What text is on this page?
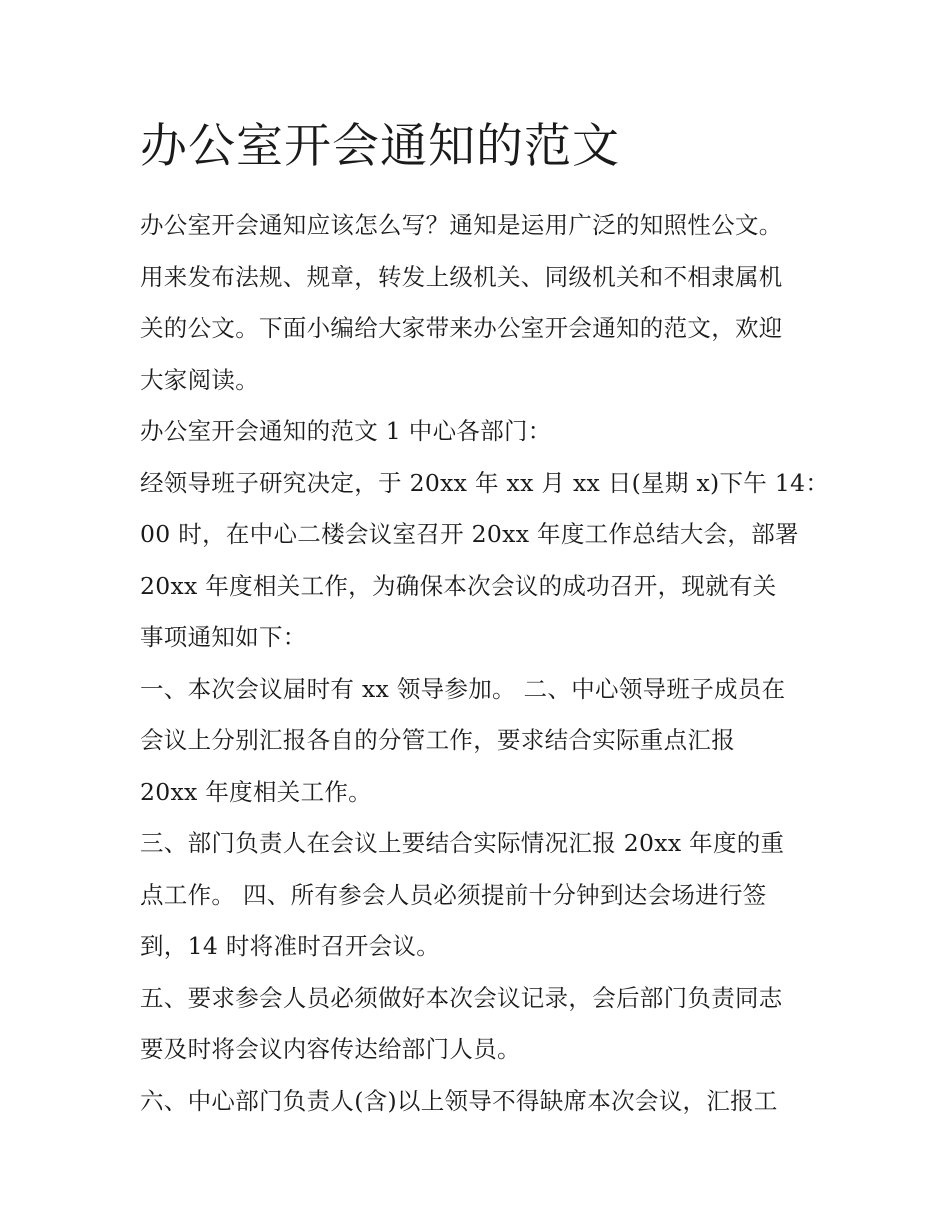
办公室开会通知的范文
办公室开会通知应该怎么写？通知是运用广泛的知照性公文。
用来发布法规、规章，转发上级机关、同级机关和不相隶属机
关的公文。下面小编给大家带来办公室开会通知的范文，欢迎
大家阅读。
办公室开会通知的范文 1 中心各部门：
经领导班子研究决定，于 20xx 年 xx 月 xx 日(星期 x)下午 14：
00 时，在中心二楼会议室召开 20xx 年度工作总结大会，部署
20xx 年度相关工作，为确保本次会议的成功召开，现就有关
事项通知如下：
一、本次会议届时有 xx 领导参加。 二、中心领导班子成员在
会议上分别汇报各自的分管工作，要求结合实际重点汇报
20xx 年度相关工作。
三、部门负责人在会议上要结合实际情况汇报 20xx 年度的重
点工作。 四、所有参会人员必须提前十分钟到达会场进行签
到，14 时将准时召开会议。
五、要求参会人员必须做好本次会议记录，会后部门负责同志
要及时将会议内容传达给部门人员。
六、中心部门负责人(含)以上领导不得缺席本次会议，汇报工
